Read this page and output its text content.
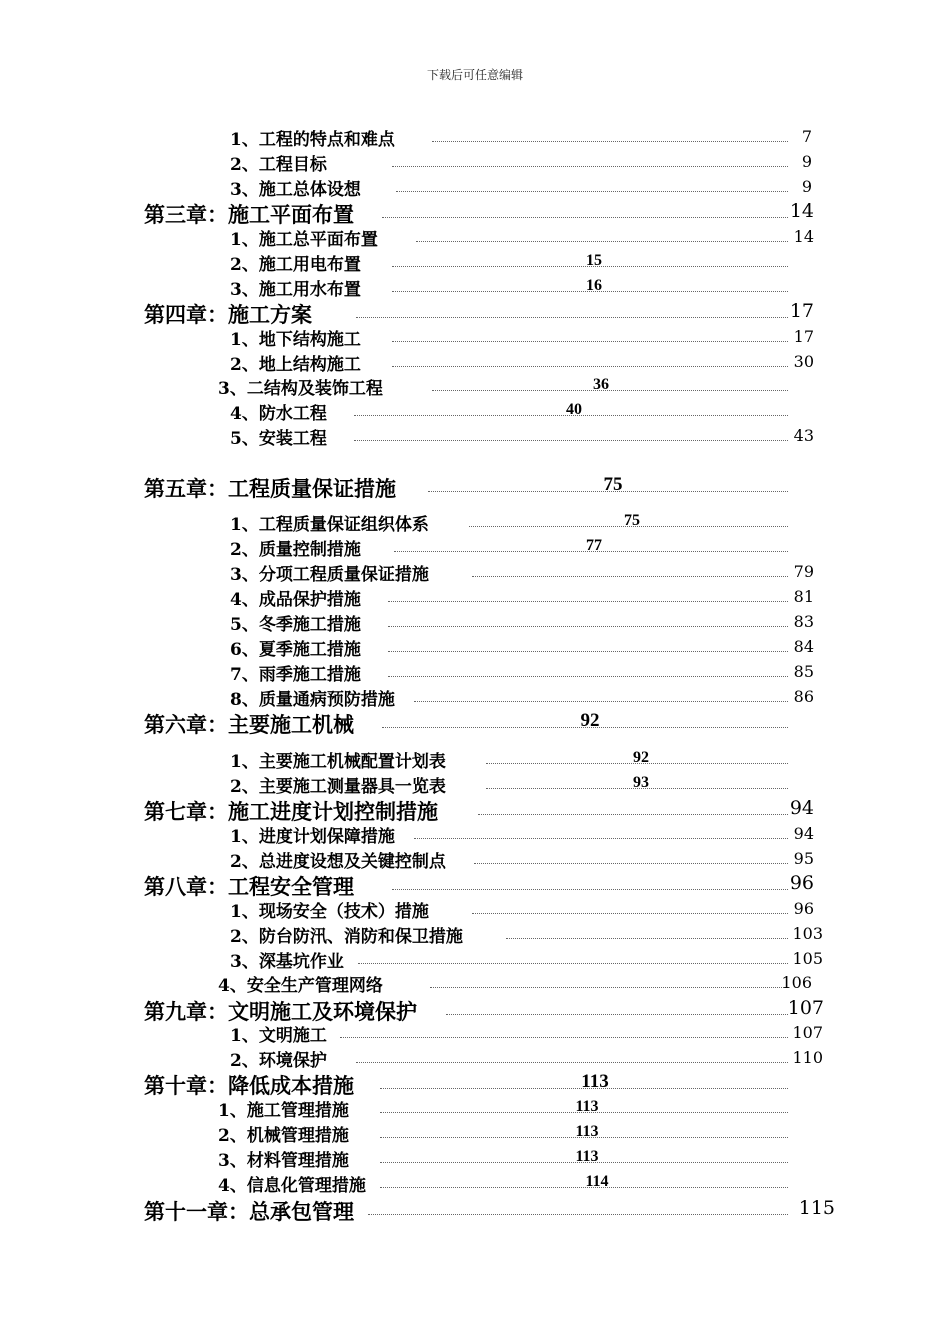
下载后可任意编辑
1、工程的特点和难点	7
2、工程目标	9
3、施工总体设想	9
第三章：施工平面布置	14
1、施工总平面布置	14
2、施工用电布置	15
3、施工用水布置	16
第四章：施工方案	17
1、地下结构施工	17
2、地上结构施工	30
3、二结构及装饰工程	36
4、防水工程	40
5、安装工程	43
第五章：工程质量保证措施	75
1、工程质量保证组织体系	75
2、质量控制措施	77
3、分项工程质量保证措施	79
4、成品保护措施	81
5、冬季施工措施	83
6、夏季施工措施	84
7、雨季施工措施	85
8、质量通病预防措施	86
第六章：主要施工机械	92
1、主要施工机械配置计划表	92
2、主要施工测量器具一览表	93
第七章：施工进度计划控制措施	94
1、进度计划保障措施	94
2、总进度设想及关键控制点	95
第八章：工程安全管理	96
1、现场安全（技术）措施	96
2、防台防汛、消防和保卫措施	103
3、深基坑作业	105
4、安全生产管理网络	106
第九章：文明施工及环境保护	107
1、文明施工	107
2、环境保护	110
第十章：降低成本措施	113
1、施工管理措施	113
2、机械管理措施	113
3、材料管理措施	113
4、信息化管理措施	114
第十一章：总承包管理	115
